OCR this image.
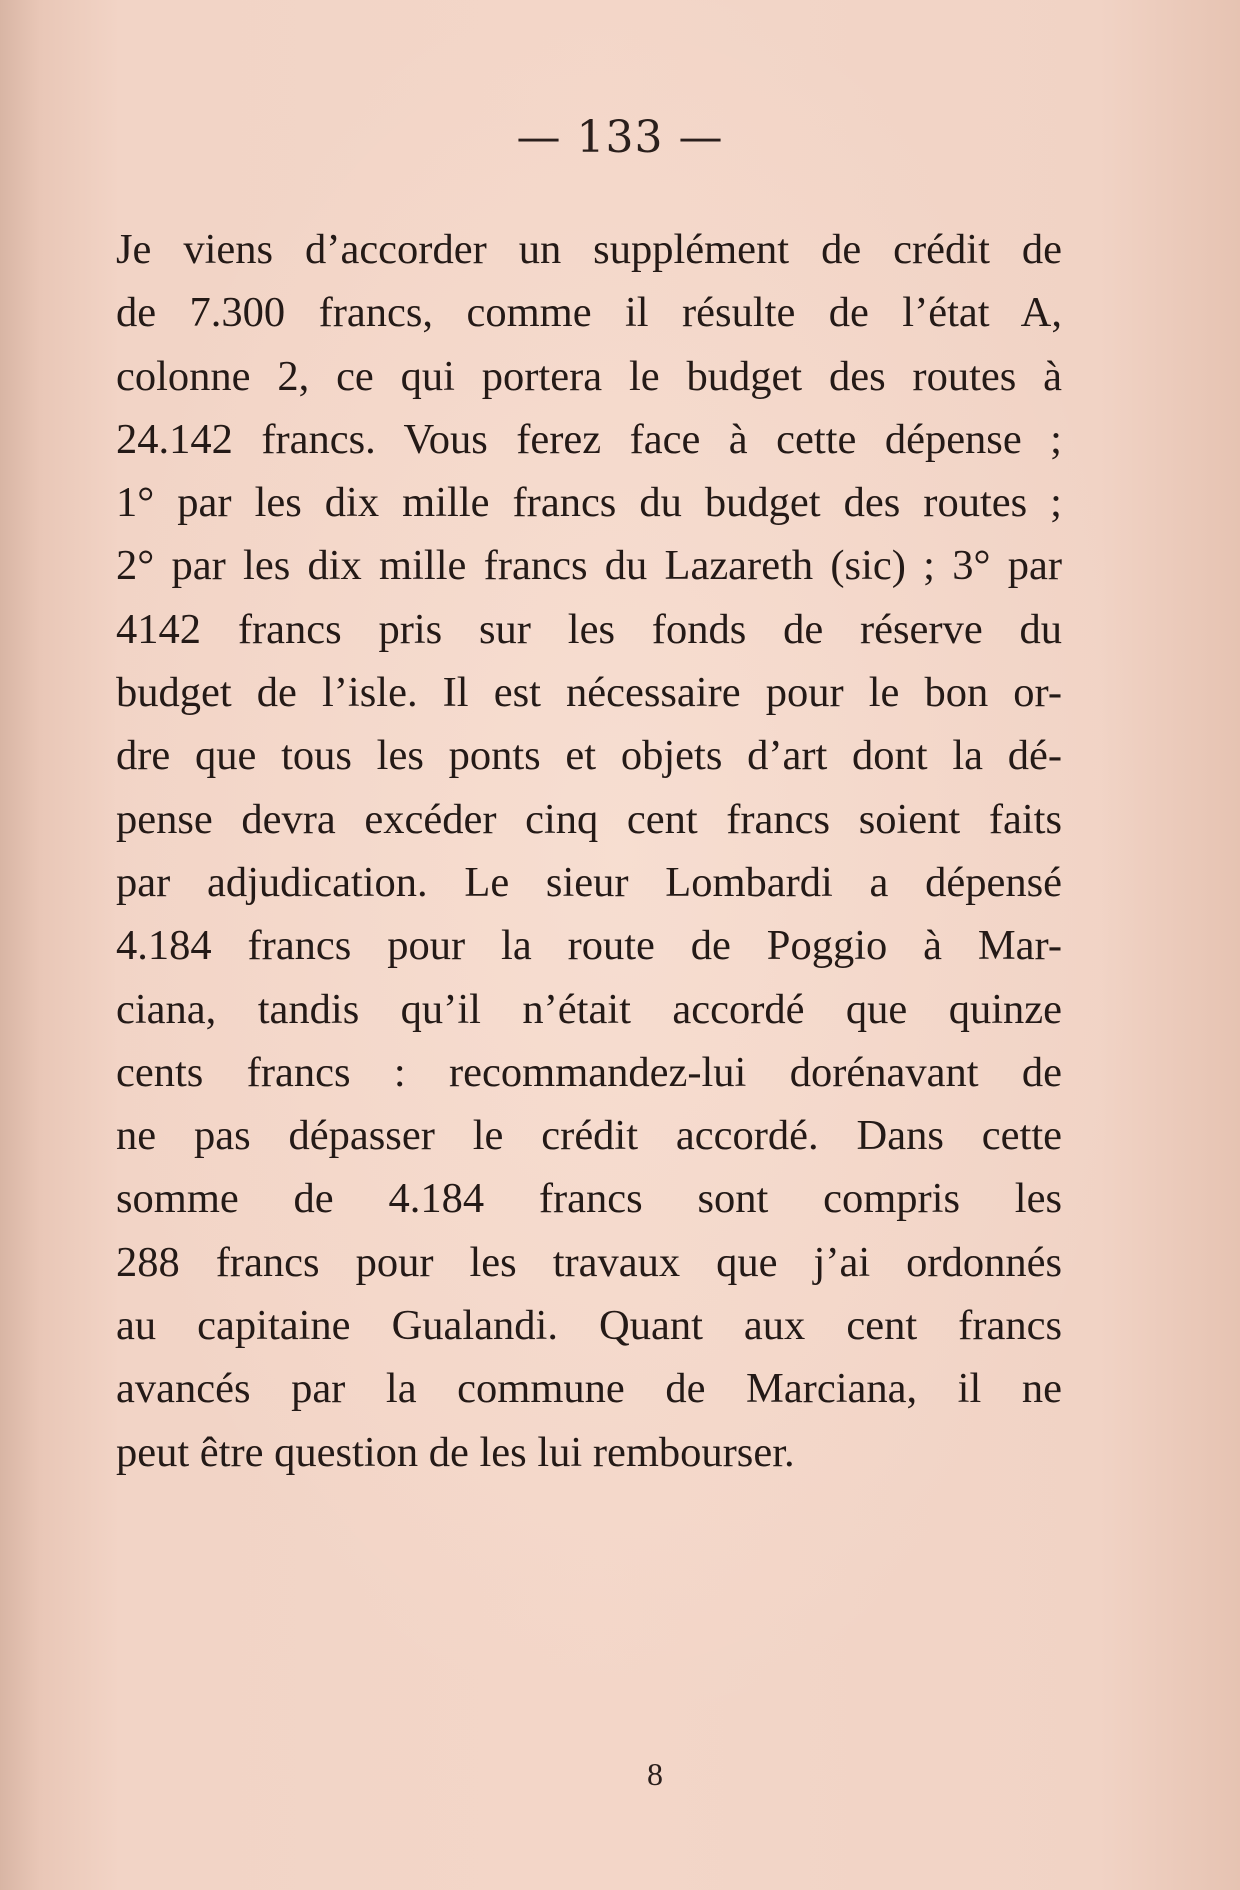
— 133 —
Je viens d’accorder un supplément de crédit de
de 7.300 francs, comme il résulte de l’état A,
colonne 2, ce qui portera le budget des routes à
24.142 francs. Vous ferez face à cette dépense ;
1° par les dix mille francs du budget des routes ;
2° par les dix mille francs du Lazareth (sic) ; 3° par
4142 francs pris sur les fonds de réserve du
budget de l’isle. Il est nécessaire pour le bon or-
dre que tous les ponts et objets d’art dont la dé-
pense devra excéder cinq cent francs soient faits
par adjudication. Le sieur Lombardi a dépensé
4.184 francs pour la route de Poggio à Mar-
ciana, tandis qu’il n’était accordé que quinze
cents francs : recommandez-lui dorénavant de
ne pas dépasser le crédit accordé. Dans cette
somme de 4.184 francs sont compris les
288 francs pour les travaux que j’ai ordonnés
au capitaine Gualandi. Quant aux cent francs
avancés par la commune de Marciana, il ne
peut être question de les lui rembourser.
8
